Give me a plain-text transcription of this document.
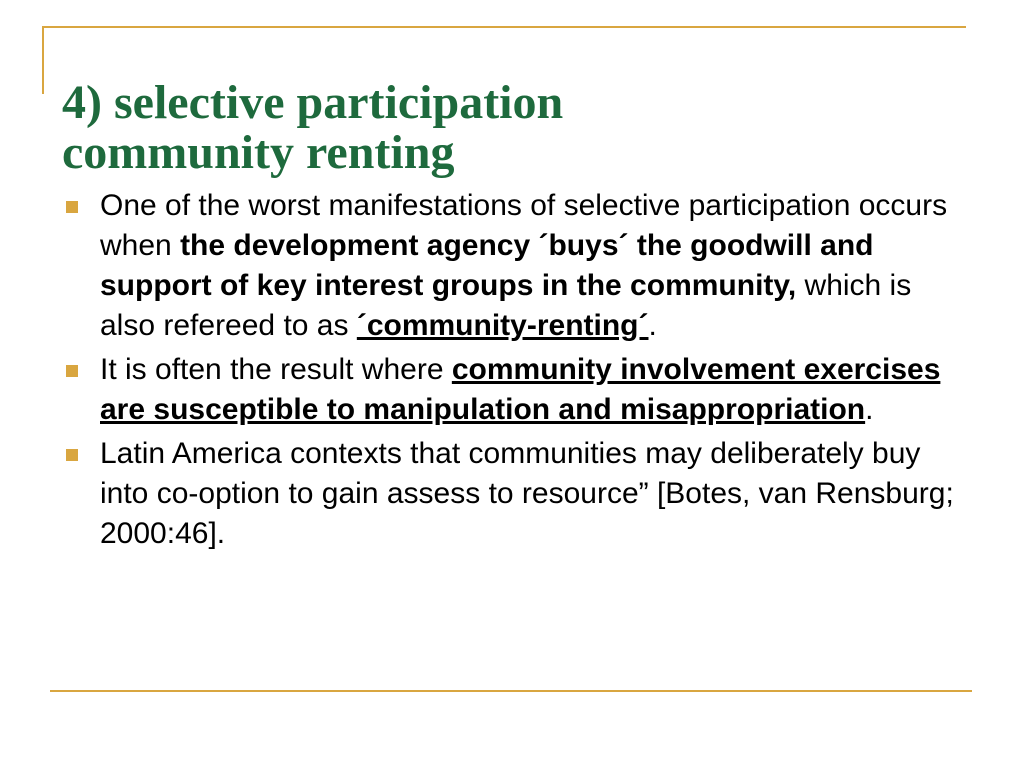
4) selective participation
community renting
One of the worst manifestations of selective participation occurs when the development agency ´buys´ the goodwill and support of key interest groups in the community, which is also refereed to as ´community-renting´.
It is often the result where community involvement exercises are susceptible to manipulation and misappropriation.
Latin America contexts that communities may deliberately buy into co-option to gain assess to resource” [Botes, van Rensburg; 2000:46].
